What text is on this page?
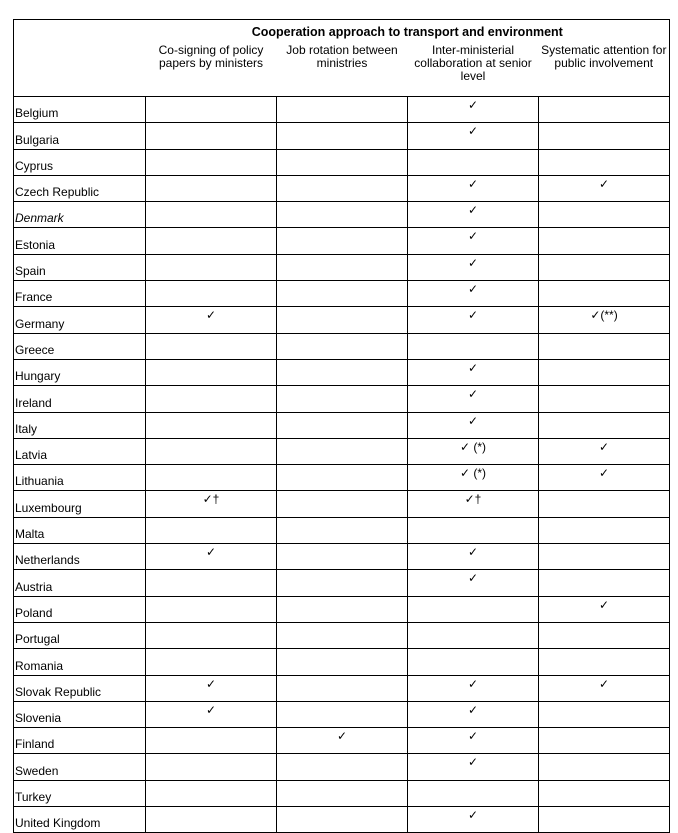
	Cooperation approach to transport and environment			
	Co-signing of policy papers by ministers	Job rotation between ministries	Inter-ministerial collaboration at senior level	Systematic attention for public involvement
Belgium			✓	
Bulgaria			✓	
Cyprus				
Czech Republic			✓	✓
Denmark			✓	
Estonia			✓	
Spain			✓	
France			✓	
Germany	✓		✓	✓(**)
Greece				
Hungary			✓	
Ireland			✓	
Italy			✓	
Latvia			✓ (*)	✓
Lithuania			✓ (*)	✓
Luxembourg	✓†		✓†	
Malta				
Netherlands	✓		✓	
Austria			✓	
Poland				✓
Portugal				
Romania				
Slovak Republic	✓		✓	✓
Slovenia	✓		✓	
Finland		✓	✓	
Sweden			✓	
Turkey				
United Kingdom			✓	
